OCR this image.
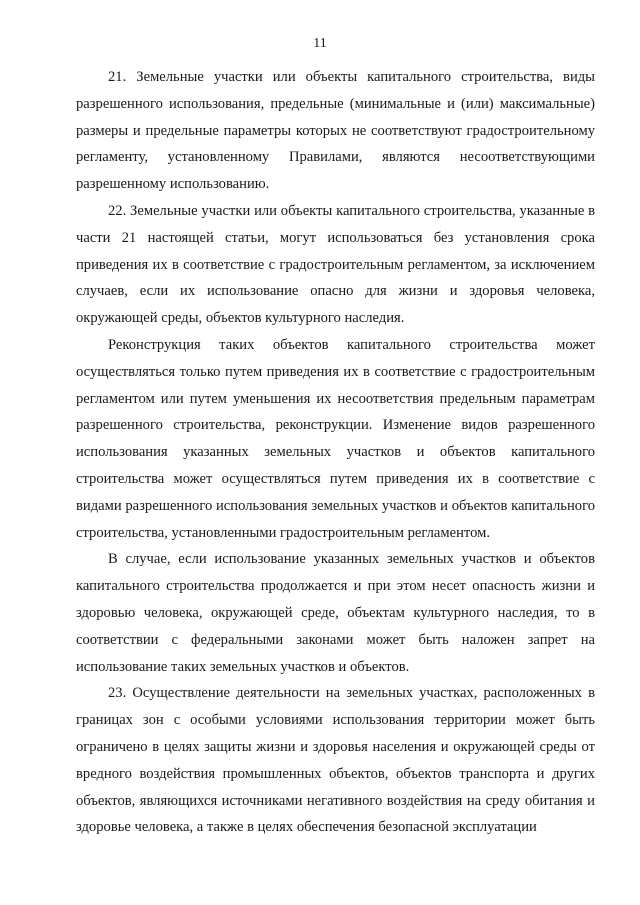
11

21. Земельные участки или объекты капитального строительства, виды разрешенного использования, предельные (минимальные и (или) максимальные) размеры и предельные параметры которых не соответствуют градостроительному регламенту, установленному Правилами, являются несоответствующими разрешенному использованию.

22. Земельные участки или объекты капитального строительства, указанные в части 21 настоящей статьи, могут использоваться без установления срока приведения их в соответствие с градостроительным регламентом, за исключением случаев, если их использование опасно для жизни и здоровья человека, окружающей среды, объектов культурного наследия.

Реконструкция таких объектов капитального строительства может осуществляться только путем приведения их в соответствие с градостроительным регламентом или путем уменьшения их несоответствия предельным параметрам разрешенного строительства, реконструкции. Изменение видов разрешенного использования указанных земельных участков и объектов капитального строительства может осуществляться путем приведения их в соответствие с видами разрешенного использования земельных участков и объектов капитального строительства, установленными градостроительным регламентом.

В случае, если использование указанных земельных участков и объектов капитального строительства продолжается и при этом несет опасность жизни и здоровью человека, окружающей среде, объектам культурного наследия, то в соответствии с федеральными законами может быть наложен запрет на использование таких земельных участков и объектов.

23. Осуществление деятельности на земельных участках, расположенных в границах зон с особыми условиями использования территории может быть ограничено в целях защиты жизни и здоровья населения и окружающей среды от вредного воздействия промышленных объектов, объектов транспорта и других объектов, являющихся источниками негативного воздействия на среду обитания и здоровье человека, а также в целях обеспечения безопасной эксплуатации
